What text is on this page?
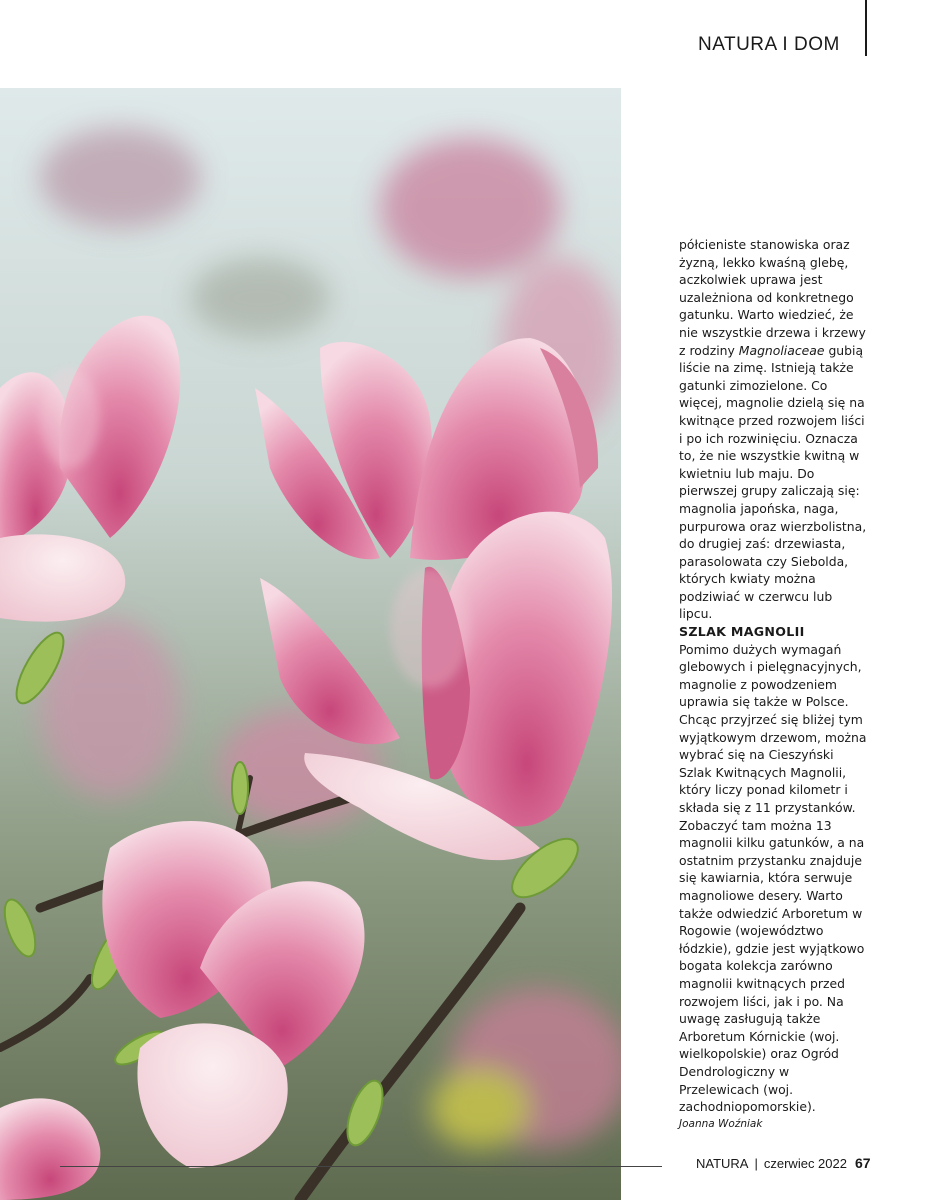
NATURA I DOM

półcieniste stanowiska oraz żyzną, lekko kwaśną glebę, aczkolwiek uprawa jest uzależniona od konkretnego gatunku. Warto wiedzieć, że nie wszystkie drzewa i krzewy z rodziny Magnoliaceae gubią liście na zimę. Istnieją także gatunki zimozielone. Co więcej, magnolie dzielą się na kwitnące przed rozwojem liści i po ich rozwinięciu. Oznacza to, że nie wszystkie kwitną w kwietniu lub maju. Do pierwszej grupy zaliczają się: magnolia japońska, naga, purpurowa oraz wierzbolistna, do drugiej zaś: drzewiasta, parasolowata czy Siebolda, których kwiaty można podziwiać w czerwcu lub lipcu.

SZLAK MAGNOLII

Pomimo dużych wymagań glebowych i pielęgnacyjnych, magnolie z powodzeniem uprawia się także w Polsce. Chcąc przyjrzeć się bliżej tym wyjątkowym drzewom, można wybrać się na Cieszyński Szlak Kwitnących Magnolii, który liczy ponad kilometr i składa się z 11 przystanków. Zobaczyć tam można 13 magnolii kilku gatunków, a na ostatnim przystanku znajduje się kawiarnia, która serwuje magnoliowe desery. Warto także odwiedzić Arboretum w Rogowie (województwo łódzkie), gdzie jest wyjątkowo bogata kolekcja zarówno magnolii kwitnących przed rozwojem liści, jak i po. Na uwagę zasługują także Arboretum Kórnickie (woj. wielkopolskie) oraz Ogród Dendrologiczny w Przelewicach (woj. zachodniopomorskie).

Joanna Woźniak

NATURA | czerwiec 2022 67
